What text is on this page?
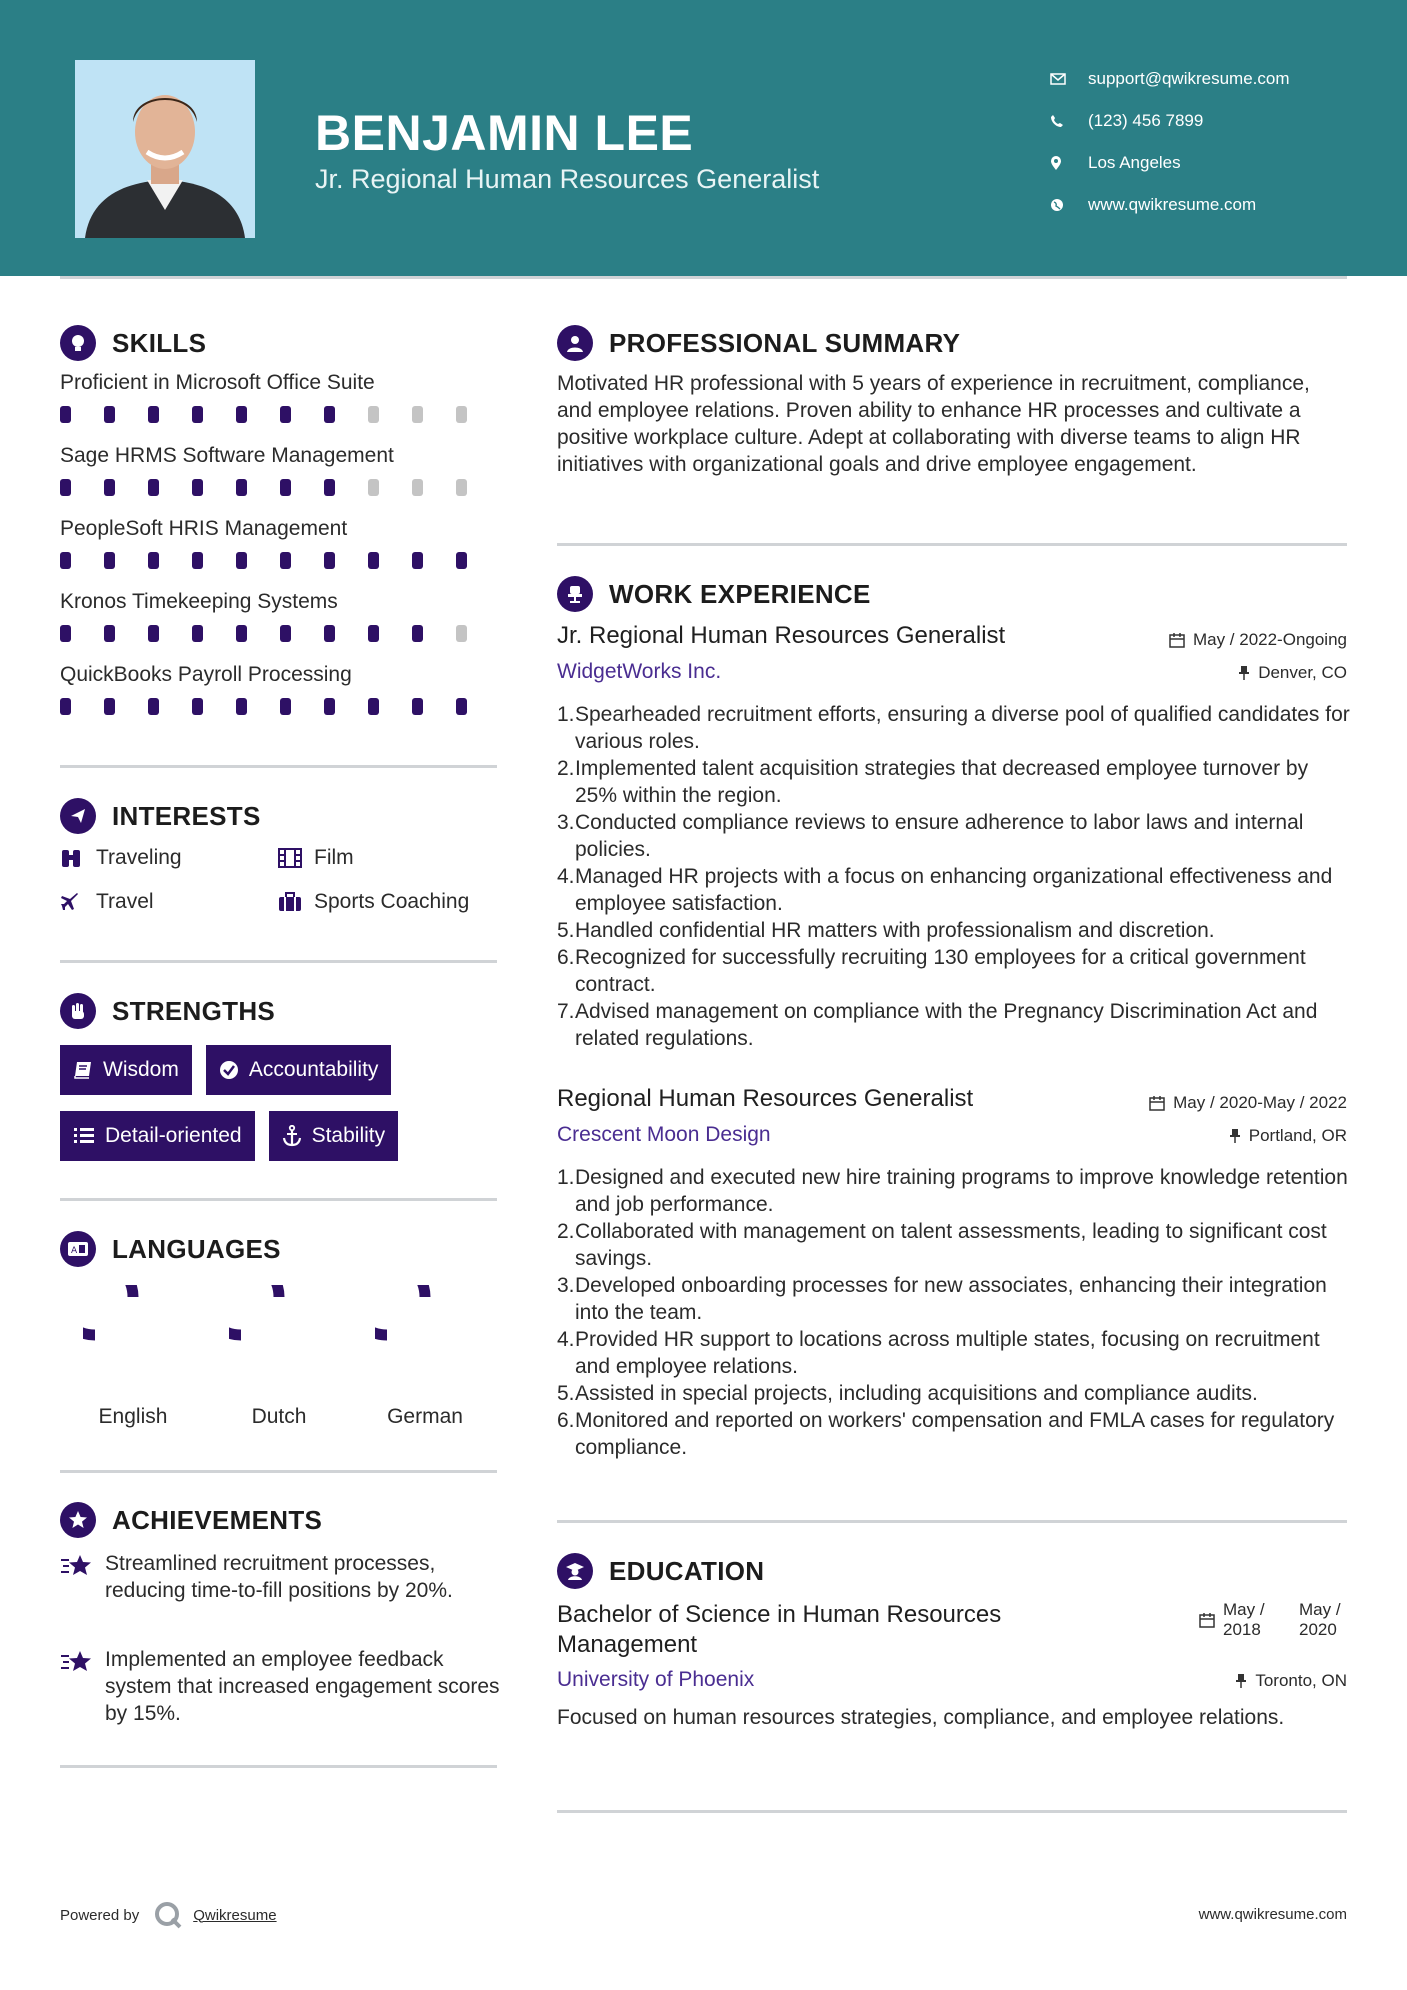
BENJAMIN LEE
Jr. Regional Human Resources Generalist
support@qwikresume.com
(123) 456 7899
Los Angeles
www.qwikresume.com
SKILLS
Proficient in Microsoft Office Suite
Sage HRMS Software Management
PeopleSoft HRIS Management
Kronos Timekeeping Systems
QuickBooks Payroll Processing
INTERESTS
Traveling	Film
Travel	Sports Coaching
STRENGTHS
Wisdom	Accountability
Detail-oriented	Stability
A LANGUAGES
English	Dutch	German
ACHIEVEMENTS
Streamlined recruitment processes, reducing time-to-fill positions by 20%.
Implemented an employee feedback system that increased engagement scores by 15%.
PROFESSIONAL SUMMARY
Motivated HR professional with 5 years of experience in recruitment, compliance, and employee relations. Proven ability to enhance HR processes and cultivate a positive workplace culture. Adept at collaborating with diverse teams to align HR initiatives with organizational goals and drive employee engagement.
WORK EXPERIENCE
Jr. Regional Human Resources Generalist	May / 2022-Ongoing
WidgetWorks Inc.	Denver, CO
1. Spearheaded recruitment efforts, ensuring a diverse pool of qualified candidates for various roles.
2. Implemented talent acquisition strategies that decreased employee turnover by 25% within the region.
3. Conducted compliance reviews to ensure adherence to labor laws and internal policies.
4. Managed HR projects with a focus on enhancing organizational effectiveness and employee satisfaction.
5. Handled confidential HR matters with professionalism and discretion.
6. Recognized for successfully recruiting 130 employees for a critical government contract.
7. Advised management on compliance with the Pregnancy Discrimination Act and related regulations.
Regional Human Resources Generalist	May / 2020-May / 2022
Crescent Moon Design	Portland, OR
1. Designed and executed new hire training programs to improve knowledge retention and job performance.
2. Collaborated with management on talent assessments, leading to significant cost savings.
3. Developed onboarding processes for new associates, enhancing their integration into the team.
4. Provided HR support to locations across multiple states, focusing on recruitment and employee relations.
5. Assisted in special projects, including acquisitions and compliance audits.
6. Monitored and reported on workers' compensation and FMLA cases for regulatory compliance.
EDUCATION
Bachelor of Science in Human Resources Management
May / 2018
May / 2020
University of Phoenix	Toronto, ON
Focused on human resources strategies, compliance, and employee relations.
Powered by	Qwikresume	www.qwikresume.com
